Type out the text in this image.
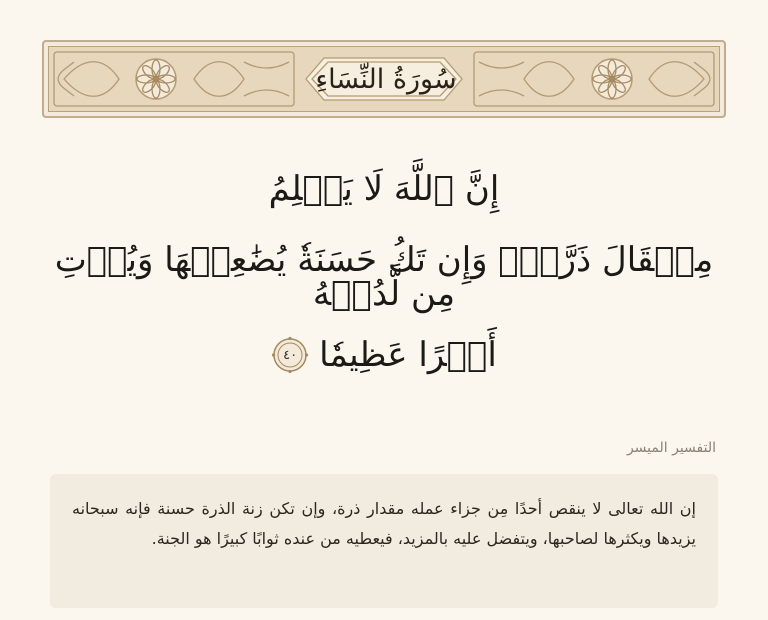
سُورَةُ النِّسَاءِ
إِنَّ ٱللَّهَ لَا يَظۡلِمُ
مِثۡقَالَ ذَرَّةٖۖ وَإِن تَكُ حَسَنَةٗ يُضَٰعِفۡهَا وَيُؤۡتِ مِن لَّدُنۡهُ
أَجۡرًا عَظِيمٗا
٤٠
التفسير الميسر

إن الله تعالى لا ينقص أحدًا مِن جزاء عمله مقدار ذرة، وإن تكن زنة الذرة حسنة فإنه سبحانه يزيدها ويكثرها لصاحبها، ويتفضل عليه بالمزيد، فيعطيه من عنده ثوابًا كبيرًا هو الجنة.
